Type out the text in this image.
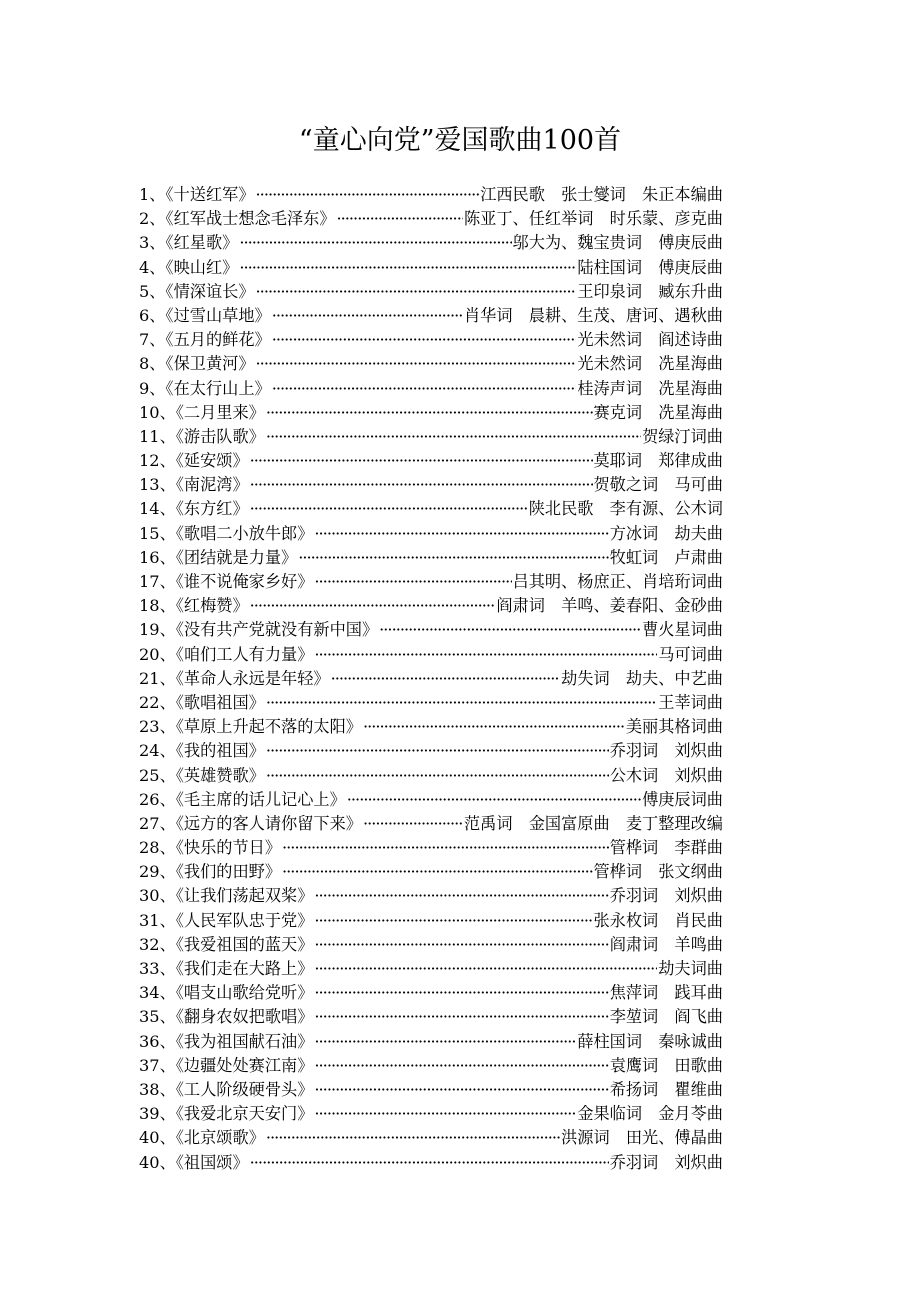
“童心向党”爱国歌曲100首
1、《十送红军》 ·····	江西民歌　张士燮词　朱正本编曲
2、《红军战士想念毛泽东》 ·····	陈亚丁、任红举词　时乐蒙、彦克曲
3、《红星歌》 ·····	邬大为、魏宝贵词　傅庚辰曲
4、《映山红》 ·····	陆柱国词　傅庚辰曲
5、《情深谊长》 ·····	王印泉词　臧东升曲
6、《过雪山草地》 ·····	肖华词　晨耕、生茂、唐诃、遇秋曲
7、《五月的鲜花》 ·····	光未然词　阎述诗曲
8、《保卫黄河》 ·····	光未然词　冼星海曲
9、《在太行山上》 ·····	桂涛声词　冼星海曲
10、《二月里来》 ·····	赛克词　冼星海曲
11、《游击队歌》 ·····	贺绿汀词曲
12、《延安颂》 ·····	莫耶词　郑律成曲
13、《南泥湾》 ·····	贺敬之词　马可曲
14、《东方红》 ·····	陕北民歌　李有源、公木词
15、《歌唱二小放牛郎》 ·····	方冰词　劫夫曲
16、《团结就是力量》 ·····	牧虹词　卢肃曲
17、《谁不说俺家乡好》 ·····	吕其明、杨庶正、肖培珩词曲
18、《红梅赞》 ·····	阎肃词　羊鸣、姜春阳、金砂曲
19、《没有共产党就没有新中国》 ·····	曹火星词曲
20、《咱们工人有力量》 ·····	马可词曲
21、《革命人永远是年轻》 ·····	劫失词　劫夫、中艺曲
22、《歌唱祖国》 ·····	王莘词曲
23、《草原上升起不落的太阳》 ·····	美丽其格词曲
24、《我的祖国》 ·····	乔羽词　刘炽曲
25、《英雄赞歌》 ·····	公木词　刘炽曲
26、《毛主席的话儿记心上》 ·····	傅庚辰词曲
27、《远方的客人请你留下来》 ·····	范禹词　金国富原曲　麦丁整理改编
28、《快乐的节日》 ·····	管桦词　李群曲
29、《我们的田野》 ·····	管桦词　张文纲曲
30、《让我们荡起双桨》 ·····	乔羽词　刘炽曲
31、《人民军队忠于党》 ·····	张永枚词　肖民曲
32、《我爱祖国的蓝天》 ·····	阎肃词　羊鸣曲
33、《我们走在大路上》 ·····	劫夫词曲
34、《唱支山歌给党听》 ·····	焦萍词　践耳曲
35、《翻身农奴把歌唱》 ·····	李堃词　阎飞曲
36、《我为祖国献石油》 ·····	薛柱国词　秦咏诚曲
37、《边疆处处赛江南》 ·····	袁鹰词　田歌曲
38、《工人阶级硬骨头》 ·····	希扬词　瞿维曲
39、《我爱北京天安门》 ·····	金果临词　金月苓曲
40、《北京颂歌》 ·····	洪源词　田光、傅晶曲
40、《祖国颂》 ·····	乔羽词　刘炽曲
